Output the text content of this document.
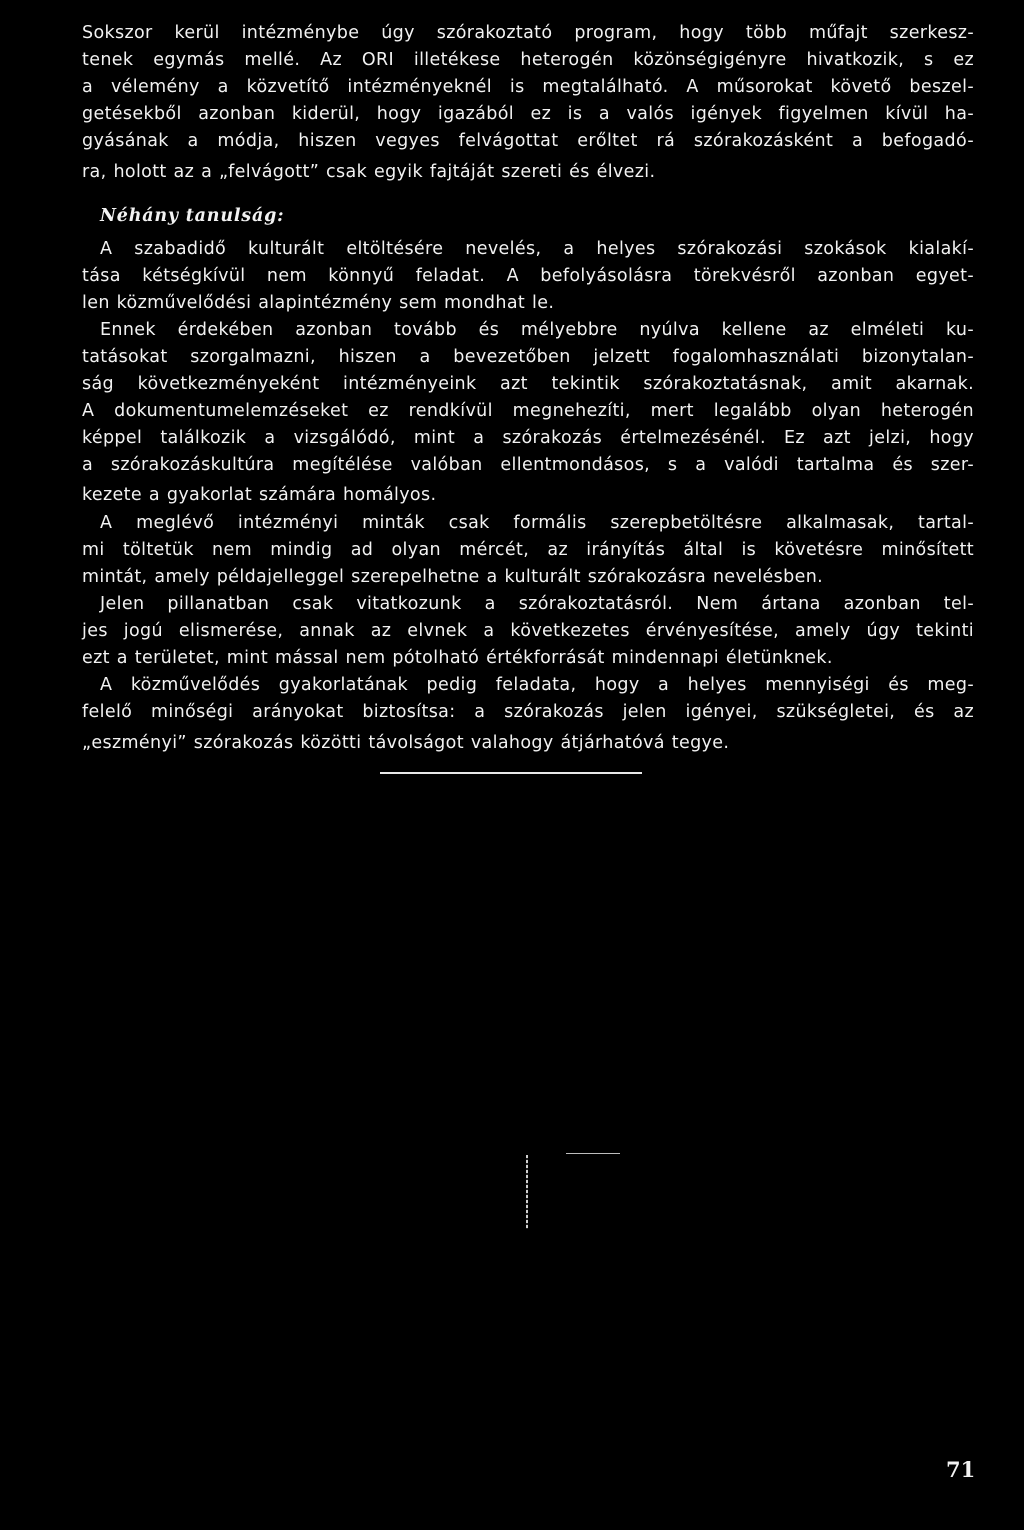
Sokszor kerül intézménybe úgy szórakoztató program, hogy több műfajt szerkesz-
tenek egymás mellé. Az ORI illetékese heterogén közönségigényre hivatkozik, s ez
a vélemény a közvetítő intézményeknél is megtalálható. A műsorokat követő beszel-
getésekből azonban kiderül, hogy igazából ez is a valós igények figyelmen kívül ha-
gyásának a módja, hiszen vegyes felvágottat erőltet rá szórakozásként a befogadó-
ra, holott az a „felvágott” csak egyik fajtáját szereti és élvezi.
Néhány tanulság:
A szabadidő kulturált eltöltésére nevelés, a helyes szórakozási szokások kialakí-
tása kétségkívül nem könnyű feladat. A befolyásolásra törekvésről azonban egyet-
len közművelődési alapintézmény sem mondhat le.
Ennek érdekében azonban tovább és mélyebbre nyúlva kellene az elméleti ku-
tatásokat szorgalmazni, hiszen a bevezetőben jelzett fogalomhasználati bizonytalan-
ság következményeként intézményeink azt tekintik szórakoztatásnak, amit akarnak.
A dokumentumelemzéseket ez rendkívül megnehezíti, mert legalább olyan heterogén
képpel találkozik a vizsgálódó, mint a szórakozás értelmezésénél. Ez azt jelzi, hogy
a szórakozáskultúra megítélése valóban ellentmondásos, s a valódi tartalma és szer-
kezete a gyakorlat számára homályos.
A meglévő intézményi minták csak formális szerepbetöltésre alkalmasak, tartal-
mi töltetük nem mindig ad olyan mércét, az irányítás által is követésre minősített
mintát, amely példajelleggel szerepelhetne a kulturált szórakozásra nevelésben.
Jelen pillanatban csak vitatkozunk a szórakoztatásról. Nem ártana azonban tel-
jes jogú elismerése, annak az elvnek a következetes érvényesítése, amely úgy tekinti
ezt a területet, mint mással nem pótolható értékforrását mindennapi életünknek.
A közművelődés gyakorlatának pedig feladata, hogy a helyes mennyiségi és meg-
felelő minőségi arányokat biztosítsa: a szórakozás jelen igényei, szükségletei, és az
„eszményi” szórakozás közötti távolságot valahogy átjárhatóvá tegye.
71
